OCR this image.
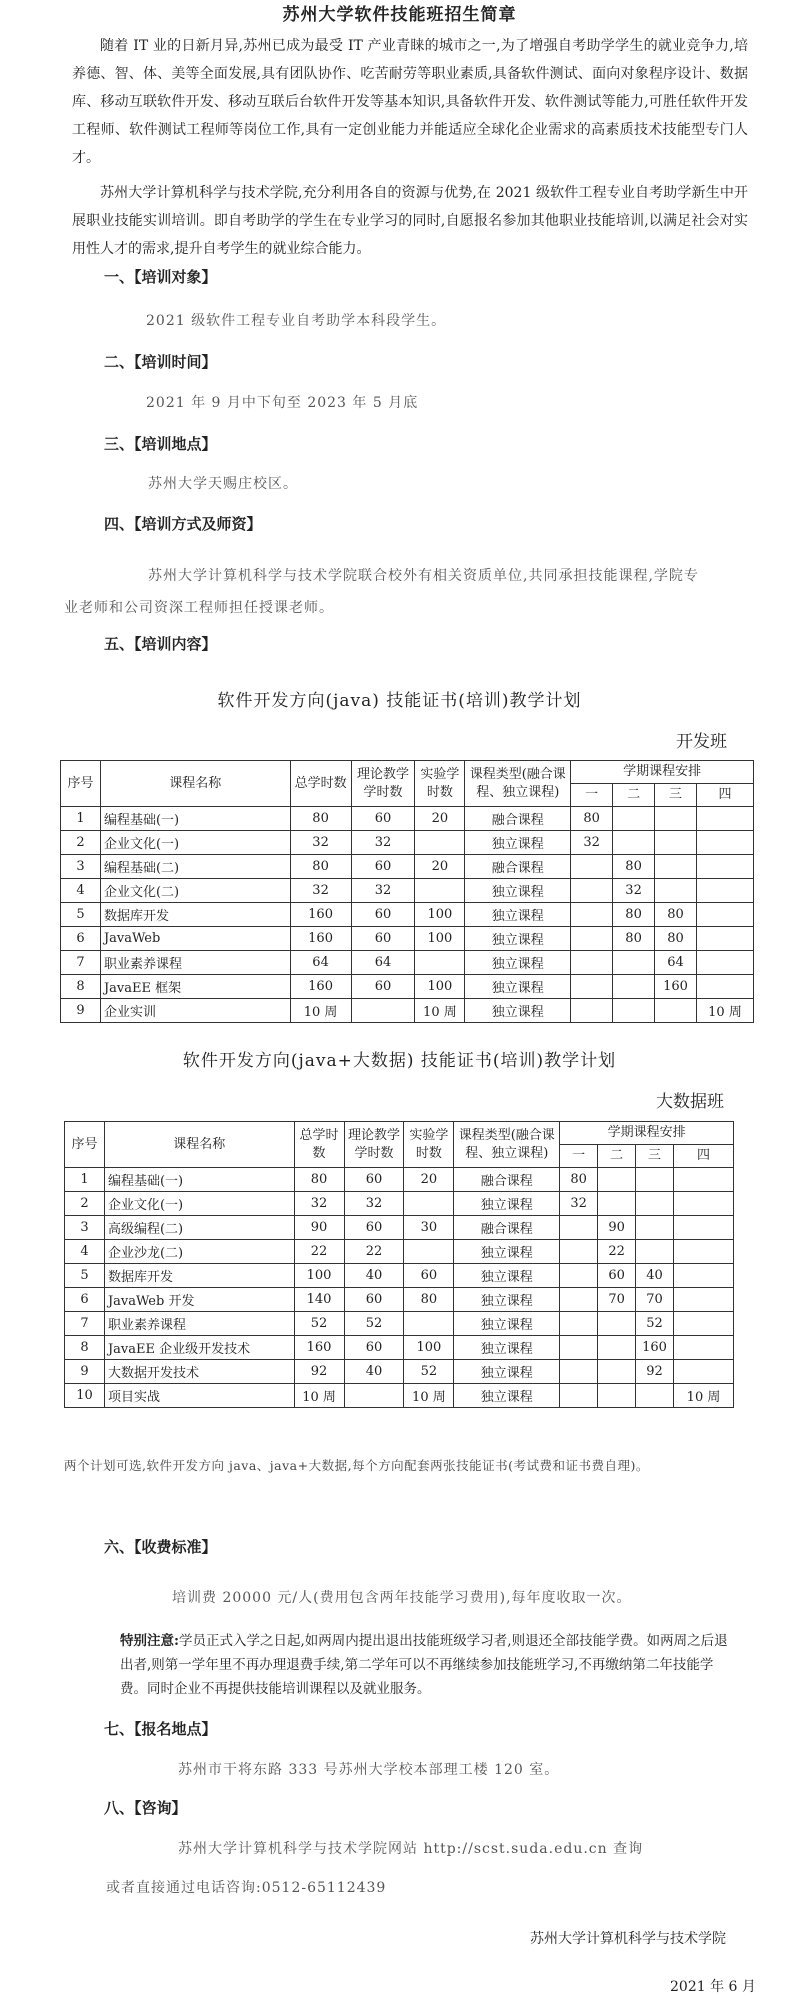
苏州大学软件技能班招生简章

随着 IT 业的日新月异,苏州已成为最受 IT 产业青睐的城市之一,为了增强自考助学学生的就业竞争力,培养德、智、体、美等全面发展,具有团队协作、吃苦耐劳等职业素质,具备软件测试、面向对象程序设计、数据库、移动互联软件开发、移动互联后台软件开发等基本知识,具备软件开发、软件测试等能力,可胜任软件开发工程师、软件测试工程师等岗位工作,具有一定创业能力并能适应全球化企业需求的高素质技术技能型专门人才。

苏州大学计算机科学与技术学院,充分利用各自的资源与优势,在 2021 级软件工程专业自考助学新生中开展职业技能实训培训。即自考助学的学生在专业学习的同时,自愿报名参加其他职业技能培训,以满足社会对实用性人才的需求,提升自考学生的就业综合能力。

一、【培训对象】
2021 级软件工程专业自考助学本科段学生。
二、【培训时间】
2021 年 9 月中下旬至 2023 年 5 月底
三、【培训地点】
苏州大学天赐庄校区。
四、【培训方式及师资】
苏州大学计算机科学与技术学院联合校外有相关资质单位,共同承担技能课程,学院专
业老师和公司资深工程师担任授课老师。
五、【培训内容】
软件开发方向(java) 技能证书(培训)教学计划
开发班
序号	课程名称	总学时数	理论教学学时数	实验学时数	课程类型(融合课程、独立课程)	学期课程安排			
						一	二	三	四
1	编程基础(一)	80	60	20	融合课程	80			
2	企业文化(一)	32	32		独立课程	32			
3	编程基础(二)	80	60	20	融合课程		80		
4	企业文化(二)	32	32		独立课程		32		
5	数据库开发	160	60	100	独立课程		80	80	
6	JavaWeb	160	60	100	独立课程		80	80	
7	职业素养课程	64	64		独立课程			64	
8	JavaEE 框架	160	60	100	独立课程			160	
9	企业实训	10 周		10 周	独立课程				10 周
软件开发方向(java+大数据) 技能证书(培训)教学计划
大数据班
序号	课程名称	总学时数	理论教学学时数	实验学时数	课程类型(融合课程、独立课程)	学期课程安排			
						一	二	三	四
1	编程基础(一)	80	60	20	融合课程	80			
2	企业文化(一)	32	32		独立课程	32			
3	高级编程(二)	90	60	30	融合课程		90		
4	企业沙龙(二)	22	22		独立课程		22		
5	数据库开发	100	40	60	独立课程		60	40	
6	JavaWeb 开发	140	60	80	独立课程		70	70	
7	职业素养课程	52	52		独立课程			52	
8	JavaEE 企业级开发技术	160	60	100	独立课程			160	
9	大数据开发技术	92	40	52	独立课程			92	
10	项目实战	10 周		10 周	独立课程				10 周
两个计划可选,软件开发方向 java、java+大数据,每个方向配套两张技能证书(考试费和证书费自理)。
六、【收费标准】
培训费 20000 元/人(费用包含两年技能学习费用),每年度收取一次。

特别注意:学员正式入学之日起,如两周内提出退出技能班级学习者,则退还全部技能学费。如两周之后退出者,则第一学年里不再办理退费手续,第二学年可以不再继续参加技能班学习,不再缴纳第二年技能学费。同时企业不再提供技能培训课程以及就业服务。

七、【报名地点】
苏州市干将东路 333 号苏州大学校本部理工楼 120 室。
八、【咨询】
苏州大学计算机科学与技术学院网站 http://scst.suda.edu.cn 查询
或者直接通过电话咨询:0512-65112439
苏州大学计算机科学与技术学院
2021 年 6 月
